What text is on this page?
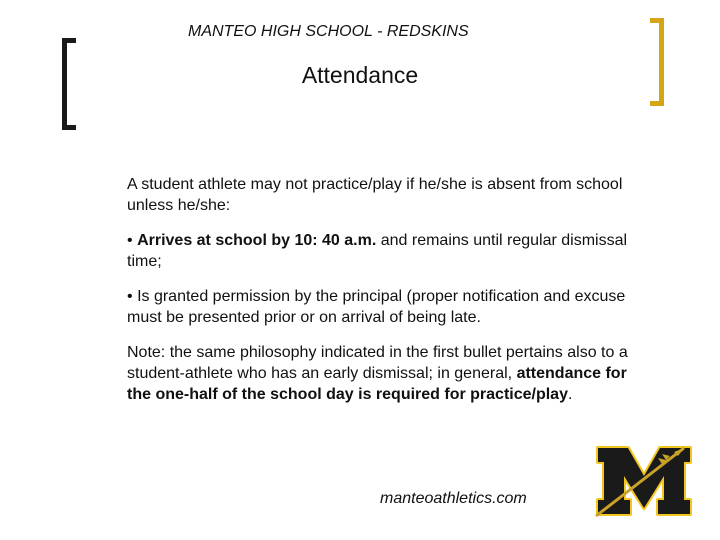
MANTEO HIGH SCHOOL - REDSKINS
Attendance

A student athlete may not practice/play if he/she is absent from school unless he/she:

• Arrives at school by 10: 40 a.m. and remains until regular dismissal time;

• Is granted permission by the principal (proper notification and excuse must be presented prior or on arrival of being late.

Note: the same philosophy indicated in the first bullet pertains also to a student-athlete who has an early dismissal; in general, attendance for the one-half of the school day is required for practice/play.

manteoathletics.com
